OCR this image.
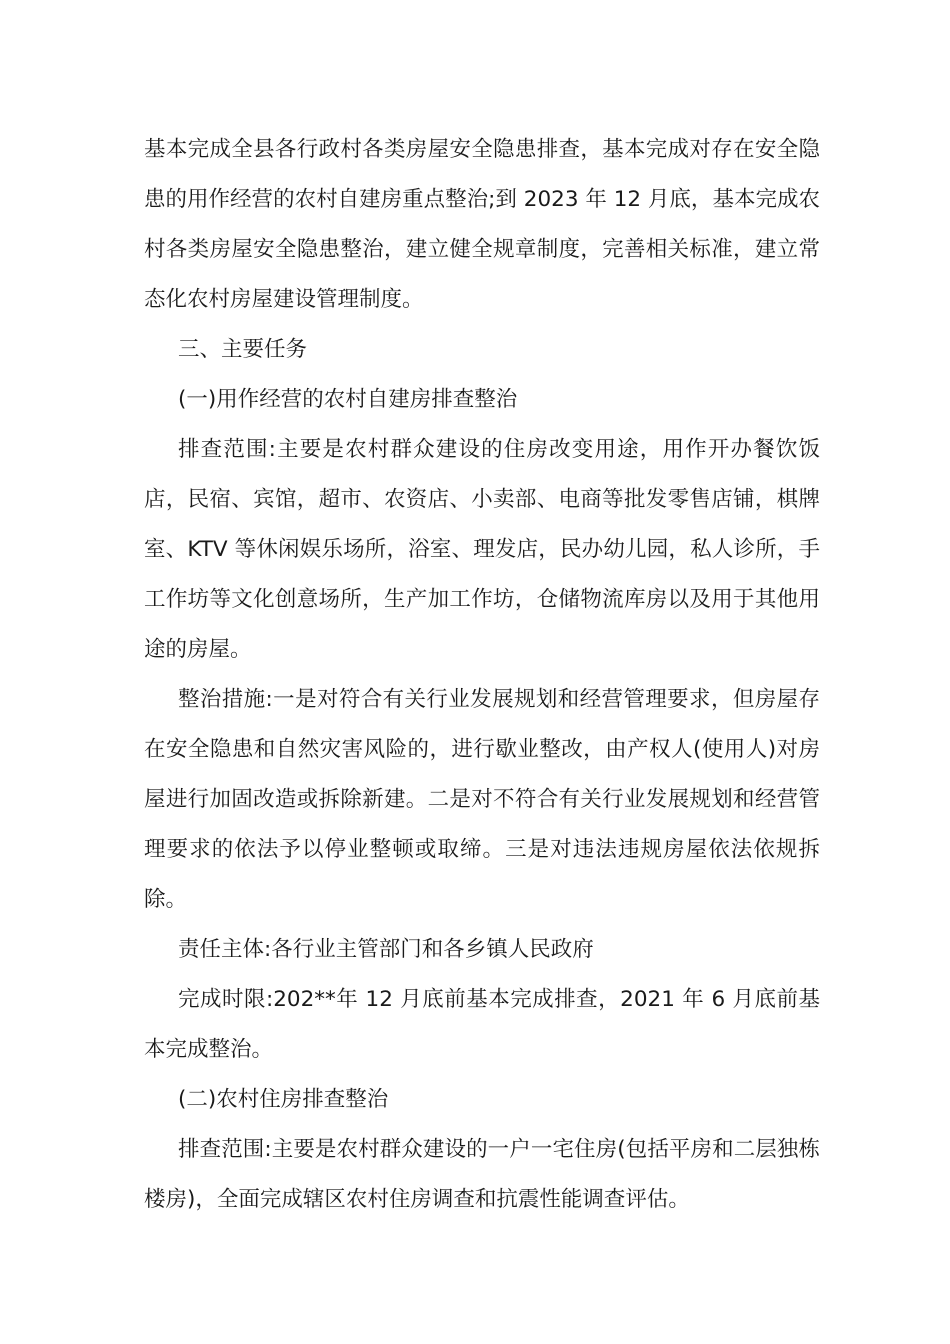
基本完成全县各行政村各类房屋安全隐患排查，基本完成对存在安全隐患的用作经营的农村自建房重点整治;到 2023 年 12 月底，基本完成农村各类房屋安全隐患整治，建立健全规章制度，完善相关标准，建立常态化农村房屋建设管理制度。

三、主要任务

(一)用作经营的农村自建房排查整治

排查范围:主要是农村群众建设的住房改变用途，用作开办餐饮饭店，民宿、宾馆，超市、农资店、小卖部、电商等批发零售店铺，棋牌室、KTV 等休闲娱乐场所，浴室、理发店，民办幼儿园，私人诊所，手工作坊等文化创意场所，生产加工作坊，仓储物流库房以及用于其他用途的房屋。

整治措施:一是对符合有关行业发展规划和经营管理要求，但房屋存在安全隐患和自然灾害风险的，进行歇业整改，由产权人(使用人)对房屋进行加固改造或拆除新建。二是对不符合有关行业发展规划和经营管理要求的依法予以停业整顿或取缔。三是对违法违规房屋依法依规拆除。

责任主体:各行业主管部门和各乡镇人民政府

完成时限:202**年 12 月底前基本完成排查，2021 年 6 月底前基本完成整治。

(二)农村住房排查整治

排查范围:主要是农村群众建设的一户一宅住房(包括平房和二层独栋楼房)，全面完成辖区农村住房调查和抗震性能调查评估。
